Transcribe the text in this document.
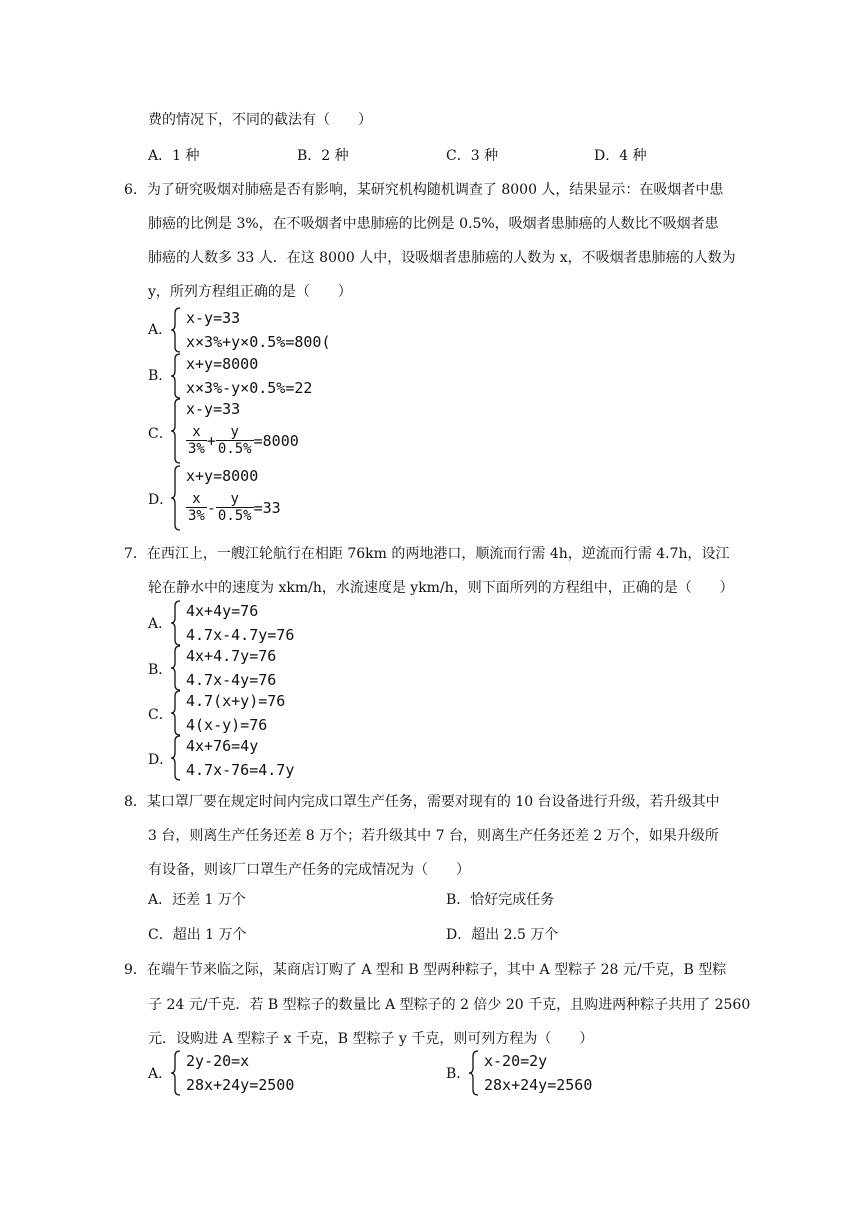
费的情况下，不同的截法有（　　）
A．1 种	B．2 种	C．3 种	D．4 种
6．为了研究吸烟对肺癌是否有影响，某研究机构随机调查了 8000 人，结果显示：在吸烟者中患
肺癌的比例是 3%，在不吸烟者中患肺癌的比例是 0.5%，吸烟者患肺癌的人数比不吸烟者患
肺癌的人数多 33 人．在这 8000 人中，设吸烟者患肺癌的人数为 x，不吸烟者患肺癌的人数为
y，所列方程组正确的是（　　）
A．
x-y=33
x×3%+y×0.5%=800(
B．
x+y=8000
x×3%-y×0.5%=22
C．
x-y=33
$\frac{x}{3\%} + \frac{y}{0.5\%} =8000$
D．
x+y=8000
$\frac{x}{3\%} - \frac{y}{0.5\%} =33$
7．在西江上，一艘江轮航行在相距 76km 的两地港口，顺流而行需 4h，逆流而行需 4.7h，设江
轮在静水中的速度为 xkm/h，水流速度是 ykm/h，则下面所列的方程组中，正确的是（　　）
A．
4x+4y=76
4.7x-4.7y=76
B．
4x+4.7y=76
4.7x-4y=76
C．
4.7(x+y)=76
4(x-y)=76
D．
4x+76=4y
4.7x-76=4.7y
8．某口罩厂要在规定时间内完成口罩生产任务，需要对现有的 10 台设备进行升级，若升级其中
3 台，则离生产任务还差 8 万个；若升级其中 7 台，则离生产任务还差 2 万个，如果升级所
有设备，则该厂口罩生产任务的完成情况为（　　）
A．还差 1 万个	B．恰好完成任务
C．超出 1 万个	D．超出 2.5 万个
9．在端午节来临之际，某商店订购了 A 型和 B 型两种粽子，其中 A 型粽子 28 元/千克，B 型粽
子 24 元/千克．若 B 型粽子的数量比 A 型粽子的 2 倍少 20 千克，且购进两种粽子共用了 2560
元．设购进 A 型粽子 x 千克，B 型粽子 y 千克，则可列方程为（　　）
A．
2y-20=x
28x+24y=2500
B．
x-20=2y
28x+24y=2560
